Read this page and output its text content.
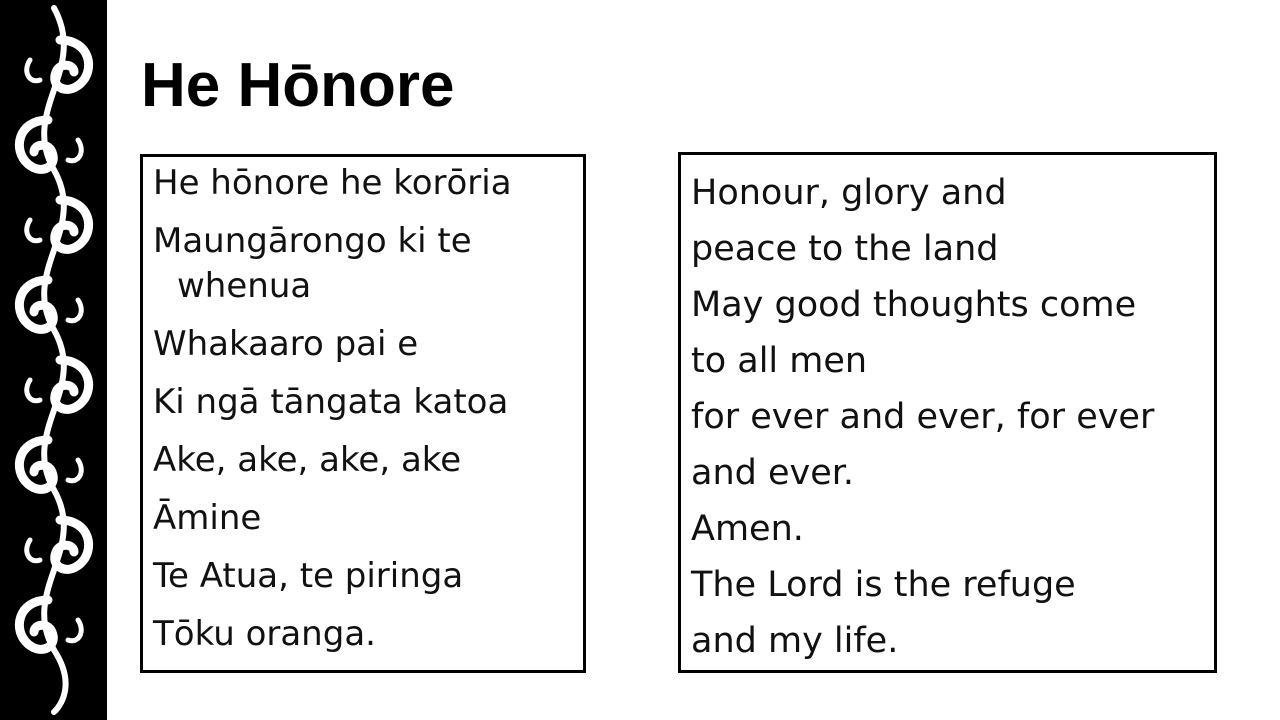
He Hōnore
He hōnore he korōria
Maungārongo ki te whenua
Whakaaro pai e
Ki ngā tāngata katoa
Ake, ake, ake, ake
Āmine
Te Atua, te piringa
Tōku oranga.
Honour, glory and
peace to the land
May good thoughts come
to all men
for ever and ever, for ever
and ever.
Amen.
The Lord is the refuge
and my life.
